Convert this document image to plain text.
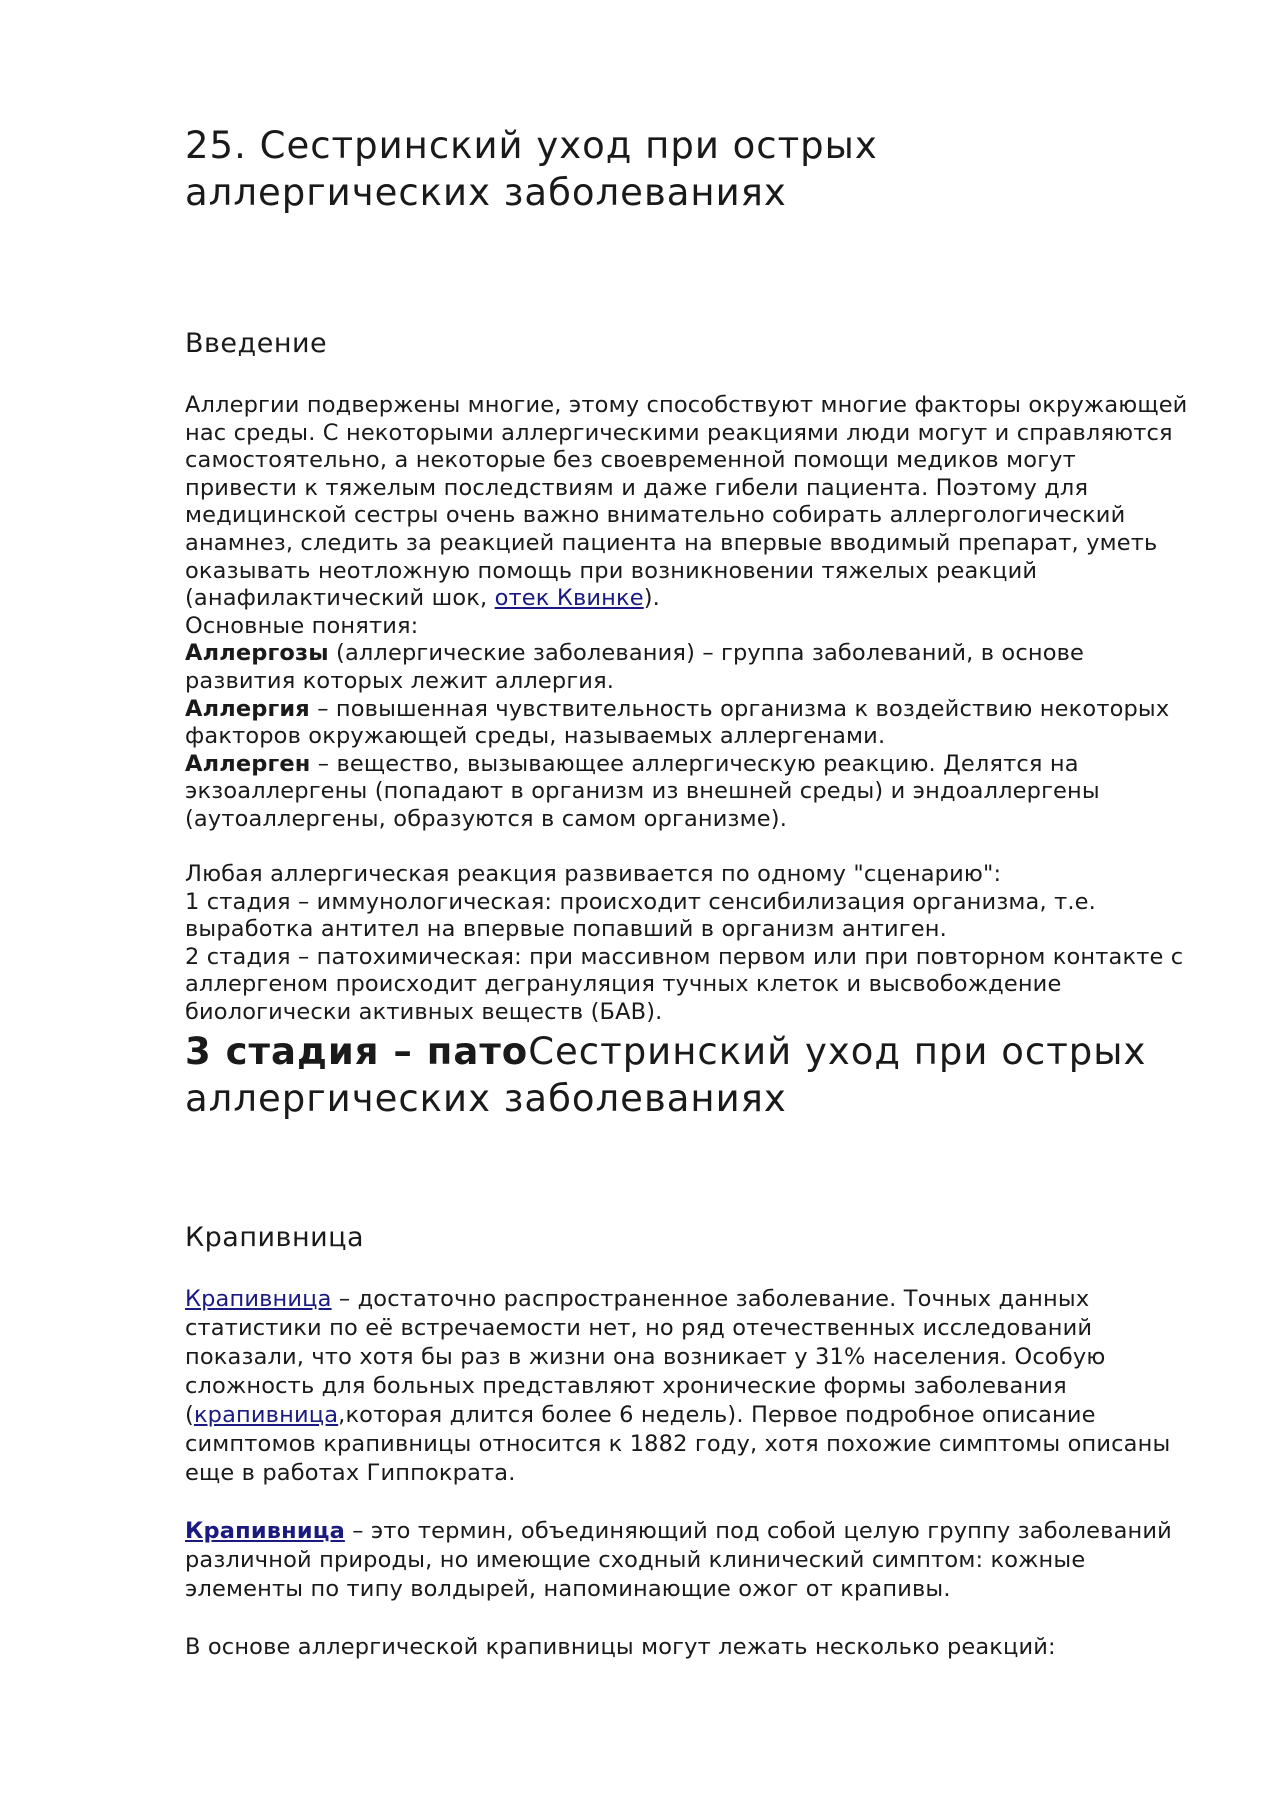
25. Сестринский уход при острых аллергических заболеваниях
Введение

Аллергии подвержены многие, этому способствуют многие факторы окружающей нас среды. С некоторыми аллергическими реакциями люди могут и справляются самостоятельно, а некоторые без своевременной помощи медиков могут привести к тяжелым последствиям и даже гибели пациента. Поэтому для медицинской сестры очень важно внимательно собирать аллергологический анамнез, следить за реакцией пациента на впервые вводимый препарат, уметь оказывать неотложную помощь при возникновении тяжелых реакций (анафилактический шок, отек Квинке).

Основные понятия:

Аллергозы (аллергические заболевания) – группа заболеваний, в основе развития которых лежит аллергия.

Аллергия – повышенная чувствительность организма к воздействию некоторых факторов окружающей среды, называемых аллергенами.

Аллерген – вещество, вызывающее аллергическую реакцию. Делятся на экзоаллергены (попадают в организм из внешней среды) и эндоаллергены (аутоаллергены, образуются в самом организме).

Любая аллергическая реакция развивается по одному "сценарию":

1 стадия – иммунологическая: происходит сенсибилизация организма, т.е. выработка антител на впервые попавший в организм антиген.

2 стадия – патохимическая: при массивном первом или при повторном контакте с аллергеном происходит дегрануляция тучных клеток и высвобождение биологически активных веществ (БАВ).

3 стадия – патоСестринский уход при острых аллергических заболеваниях
Крапивница

Крапивница – достаточно распространенное заболевание. Точных данных статистики по её встречаемости нет, но ряд отечественных исследований показали, что хотя бы раз в жизни она возникает у 31% населения. Особую сложность для больных представляют хронические формы заболевания (крапивница,которая длится более 6 недель). Первое подробное описание симптомов крапивницы относится к 1882 году, хотя похожие симптомы описаны еще в работах Гиппократа.

Крапивница – это термин, объединяющий под собой целую группу заболеваний различной природы, но имеющие сходный клинический симптом: кожные элементы по типу волдырей, напоминающие ожог от крапивы.

В основе аллергической крапивницы могут лежать несколько реакций:
